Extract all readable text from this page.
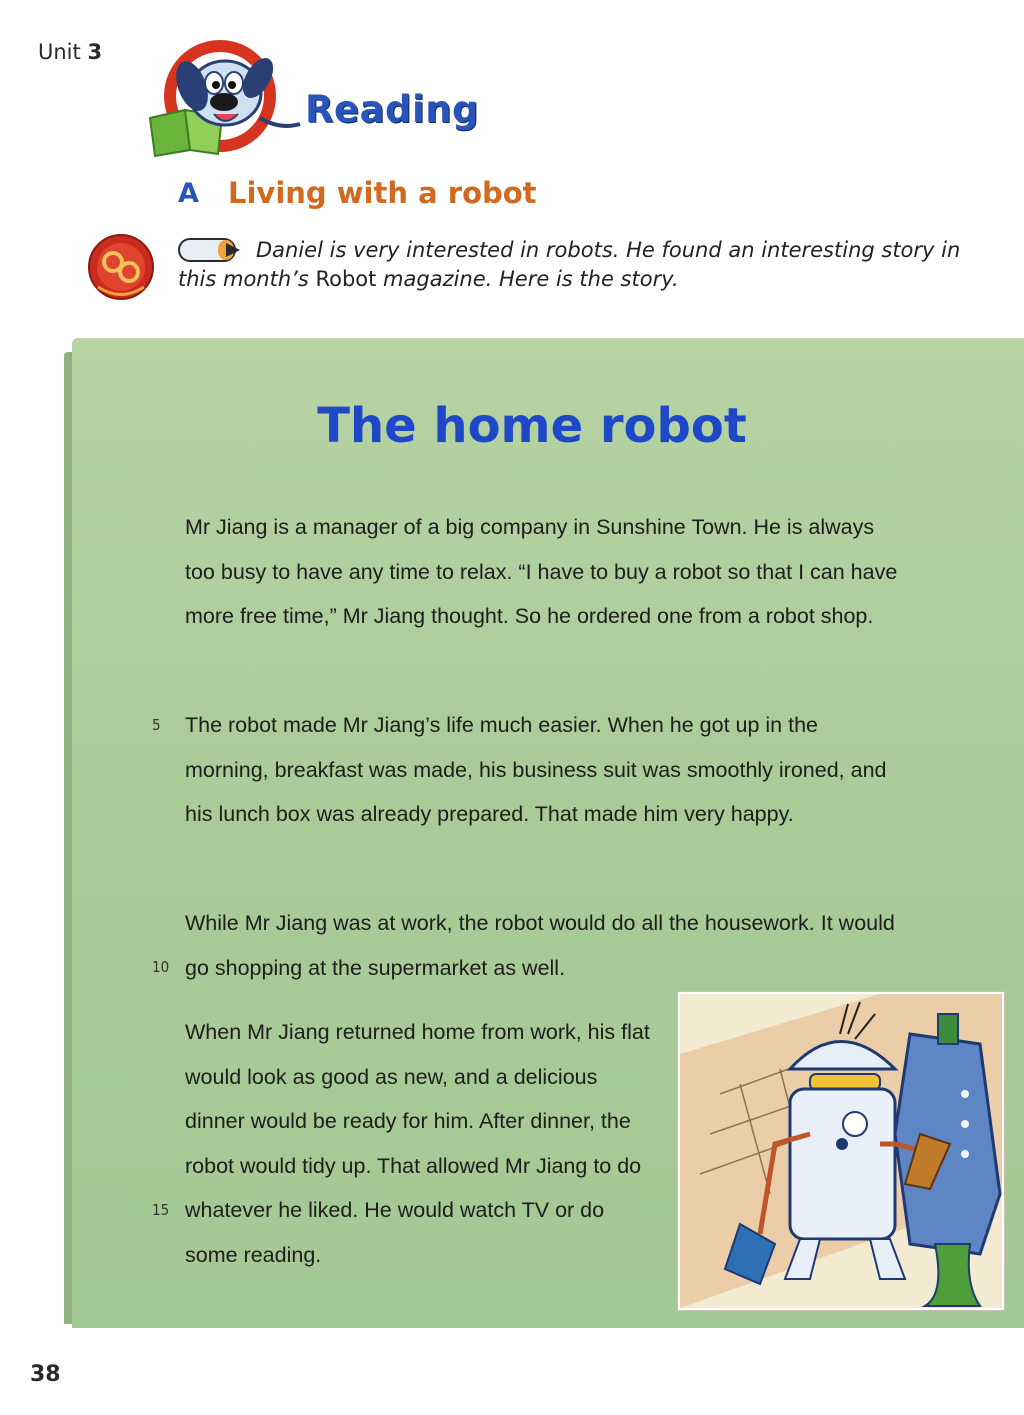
Unit 3
Reading
A Living with a robot
Daniel is very interested in robots. He found an interesting story in this month’s Robot magazine. Here is the story.
The home robot
Mr Jiang is a manager of a big company in Sunshine Town. He is always too busy to have any time to relax. “I have to buy a robot so that I can have more free time,” Mr Jiang thought. So he ordered one from a robot shop.
The robot made Mr Jiang’s life much easier. When he got up in the morning, breakfast was made, his business suit was smoothly ironed, and his lunch box was already prepared. That made him very happy.
While Mr Jiang was at work, the robot would do all the housework. It would go shopping at the supermarket as well.
When Mr Jiang returned home from work, his flat would look as good as new, and a delicious dinner would be ready for him. After dinner, the robot would tidy up. That allowed Mr Jiang to do whatever he liked. He would watch TV or do some reading.
5
10
15
38
